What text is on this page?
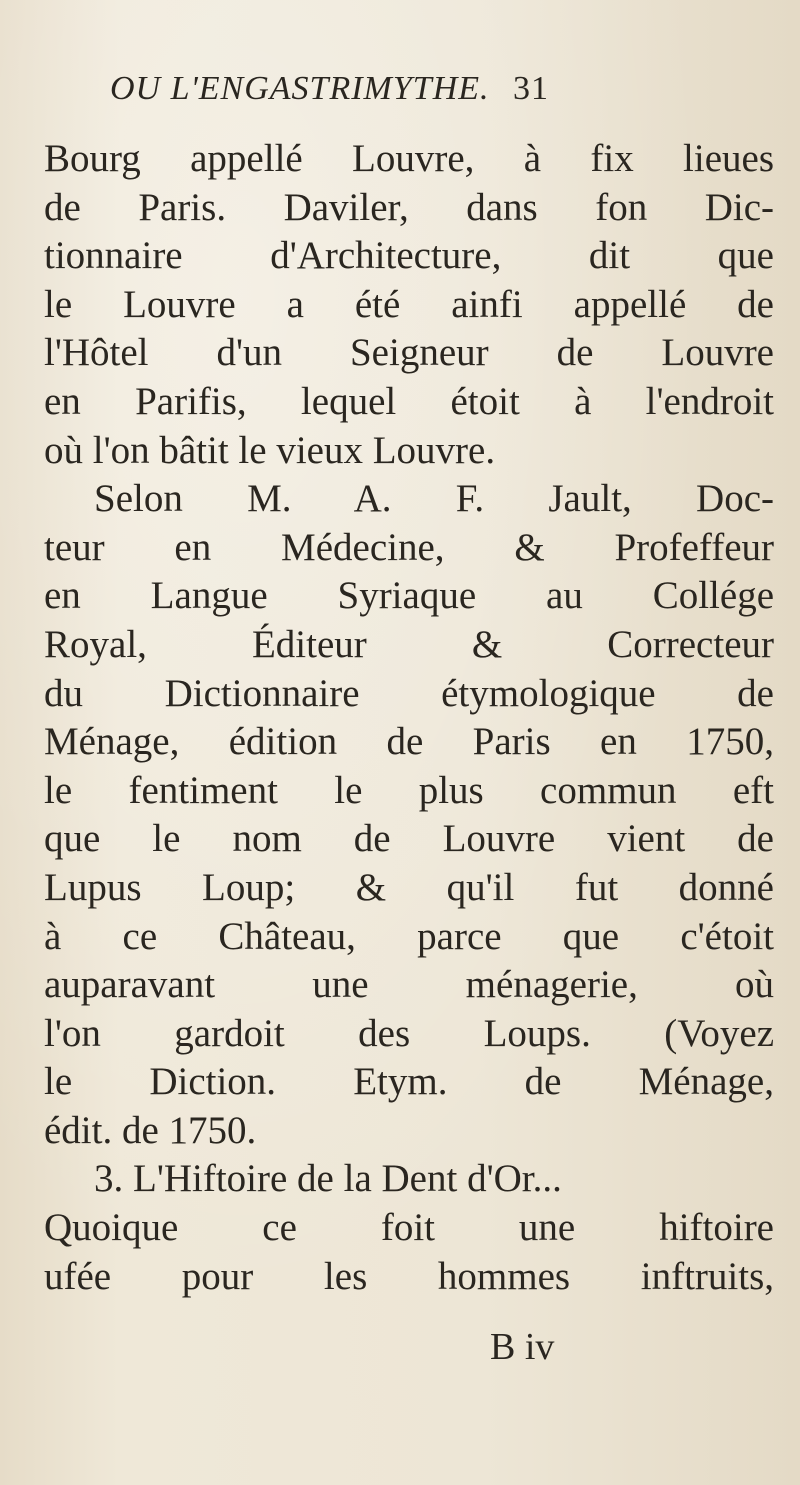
OU L'ENGASTRIMYTHE. 31
Bourg appellé Louvre, à fix lieues
de Paris. Daviler, dans fon Dic-
tionnaire d'Architecture, dit que
le Louvre a été ainfi appellé de
l'Hôtel d'un Seigneur de Louvre
en Parifis, lequel étoit à l'endroit
où l'on bâtit le vieux Louvre.
Selon M. A. F. Jault, Doc-
teur en Médecine, & Profeffeur
en Langue Syriaque au Collége
Royal, Éditeur & Correcteur
du Dictionnaire étymologique de
Ménage, édition de Paris en 1750,
le fentiment le plus commun eft
que le nom de Louvre vient de
Lupus Loup; & qu'il fut donné
à ce Château, parce que c'étoit
auparavant une ménagerie, où
l'on gardoit des Loups. (Voyez
le Diction. Etym. de Ménage,
édit. de 1750.
3. L'Hiftoire de la Dent d'Or...
Quoique ce foit une hiftoire
ufée pour les hommes inftruits,
B iv
